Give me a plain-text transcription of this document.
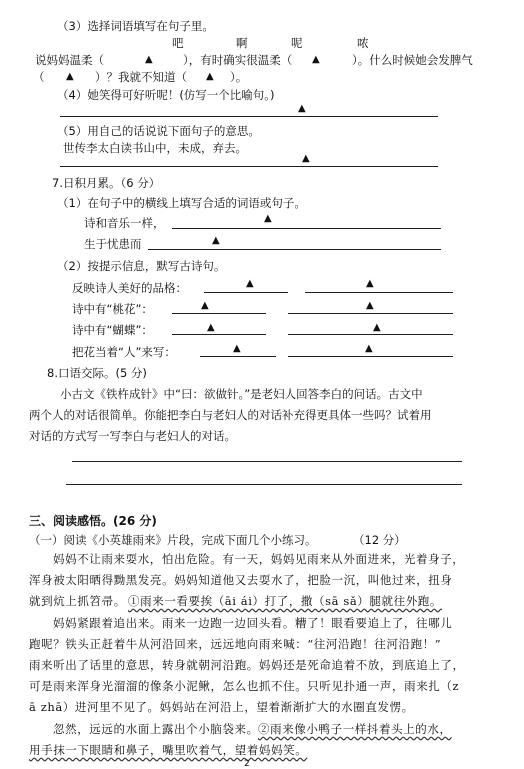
（3）选择词语填写在句子里。
吧	啊	呢	哝
说妈妈温柔（	▲	），有时确实很温柔（ ▲	）。什么时候她会发脾气
（ ▲ ）？我就不知道（ ▲ ）。
（4）她笑得可好听呢！(仿写一个比喻句。)
▲
（5）用自己的话说说下面句子的意思。
世传李太白读书山中，未成，弃去。
▲
7.日积月累。（6 分）
（1）在句子中的横线上填写合适的词语或句子。
诗和音乐一样，	▲
生于忧患而	▲
（2）按提示信息，默写古诗句。
反映诗人美好的品格：	▲	▲
诗中有“桃花”：	▲	▲
诗中有“蝴蝶”：	▲	▲
把花当着“人”来写：	▲	▲
8.口语交际。(5 分)
小古文《铁杵成针》中“曰：欲做针。”是老妇人回答李白的问话。古文中
两个人的对话很简单。你能把李白与老妇人的对话补充得更具体一些吗？试着用
对话的方式写一写李白与老妇人的对话。
三、阅读感悟。(26 分)
（一）阅读《小英雄雨来》片段，完成下面几个小练习。	（12 分）
妈妈不让雨来耍水，怕出危险。有一天，妈妈见雨来从外面进来，光着身子，
浑身被太阳晒得黝黑发亮。妈妈知道他又去耍水了，把脸一沉，叫他过来，扭身
就到炕上抓笤帚。 ①雨来一看要挨（āi ái）打了，撒（sā sǎ）腿就往外跑。
妈妈紧跟着追出来。雨来一边跑一边回头看。糟了！眼看要追上了，往哪儿
跑呢？铁头正赶着牛从河沿回来，远远地向雨来喊：“往河沿跑！往河沿跑！”
雨来听出了话里的意思，转身就朝河沿跑。妈妈还是死命追着不放，到底追上了，
可是雨来浑身光溜溜的像条小泥鳅，怎么也抓不住。只听见扑通一声，雨来扎（z
ā zhā）进河里不见了。妈妈站在河沿上，望着渐渐扩大的水圈直发愣。
忽然，远远的水面上露出个小脑袋来。 ②雨来像小鸭子一样抖着头上的水，
用手抹一下眼睛和鼻子，嘴里吹着气，望着妈妈笑。
2
